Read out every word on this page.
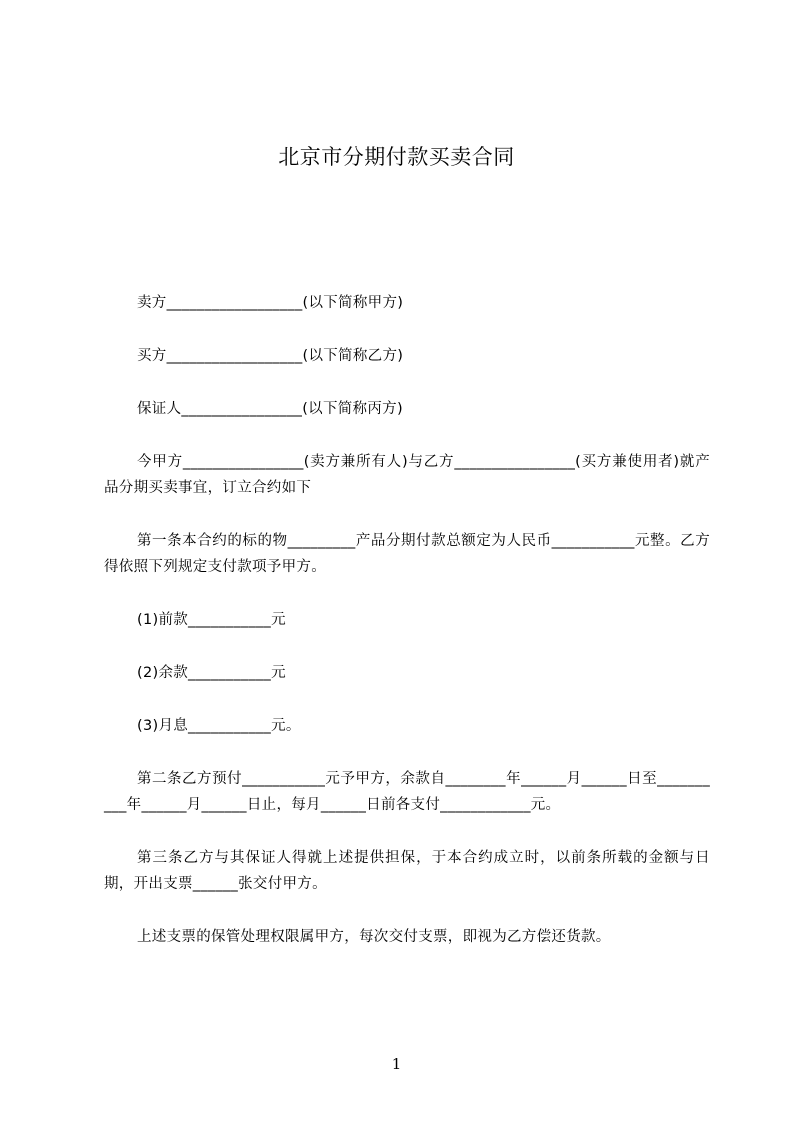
北京市分期付款买卖合同

卖方__________________(以下简称甲方)

买方__________________(以下简称乙方)

保证人________________(以下简称丙方)

今甲方________________(卖方兼所有人)与乙方________________(买方兼使用者)就产品分期买卖事宜，订立合约如下

第一条本合约的标的物_________产品分期付款总额定为人民币___________元整。乙方得依照下列规定支付款项予甲方。

(1)前款___________元

(2)余款___________元

(3)月息___________元。

第二条乙方预付___________元予甲方，余款自________年______月______日至__________年______月______日止，每月______日前各支付____________元。

第三条乙方与其保证人得就上述提供担保，于本合约成立时，以前条所载的金额与日期，开出支票______张交付甲方。

上述支票的保管处理权限属甲方，每次交付支票，即视为乙方偿还货款。

1
